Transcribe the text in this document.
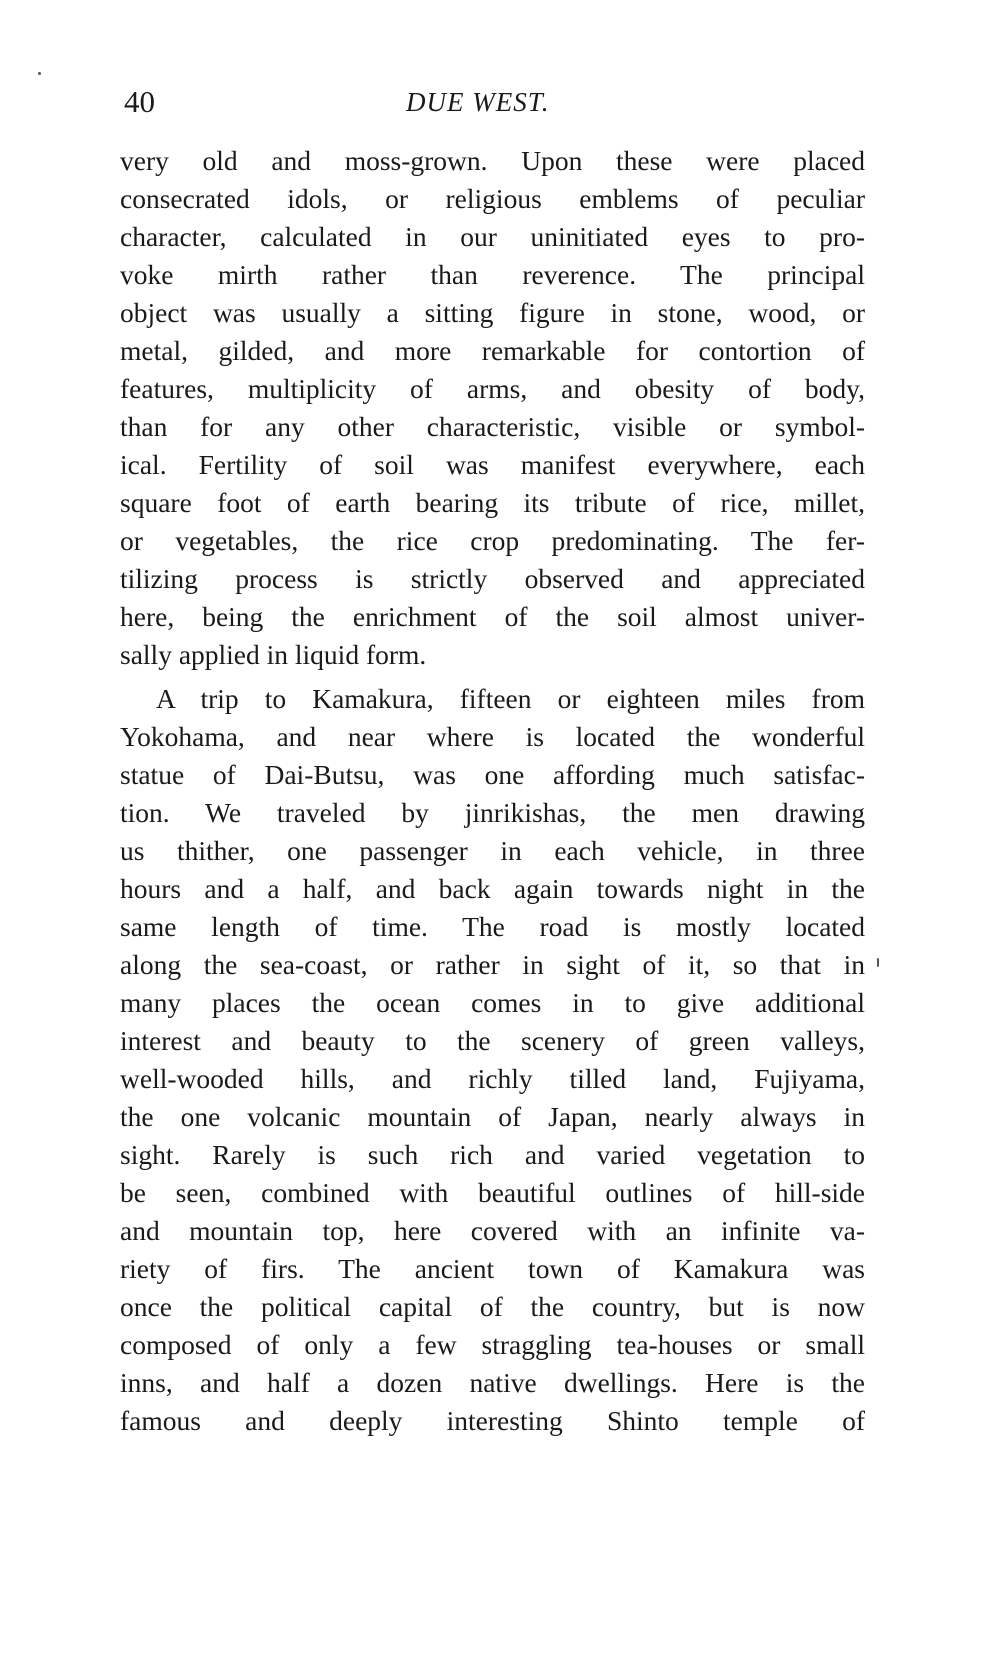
40	DUE WEST.
very old and moss-grown. Upon these were placed
consecrated idols, or religious emblems of peculiar
character, calculated in our uninitiated eyes to pro-
voke mirth rather than reverence. The principal
object was usually a sitting figure in stone, wood, or
metal, gilded, and more remarkable for contortion of
features, multiplicity of arms, and obesity of body,
than for any other characteristic, visible or symbol-
ical. Fertility of soil was manifest everywhere, each
square foot of earth bearing its tribute of rice, millet,
or vegetables, the rice crop predominating. The fer-
tilizing process is strictly observed and appreciated
here, being the enrichment of the soil almost univer-
sally applied in liquid form.
A trip to Kamakura, fifteen or eighteen miles from
Yokohama, and near where is located the wonderful
statue of Dai-Butsu, was one affording much satisfac-
tion. We traveled by jinrikishas, the men drawing
us thither, one passenger in each vehicle, in three
hours and a half, and back again towards night in the
same length of time. The road is mostly located
along the sea-coast, or rather in sight of it, so that in
many places the ocean comes in to give additional
interest and beauty to the scenery of green valleys,
well-wooded hills, and richly tilled land, Fujiyama,
the one volcanic mountain of Japan, nearly always in
sight. Rarely is such rich and varied vegetation to
be seen, combined with beautiful outlines of hill-side
and mountain top, here covered with an infinite va-
riety of firs. The ancient town of Kamakura was
once the political capital of the country, but is now
composed of only a few straggling tea-houses or small
inns, and half a dozen native dwellings. Here is the
famous and deeply interesting Shinto temple of
